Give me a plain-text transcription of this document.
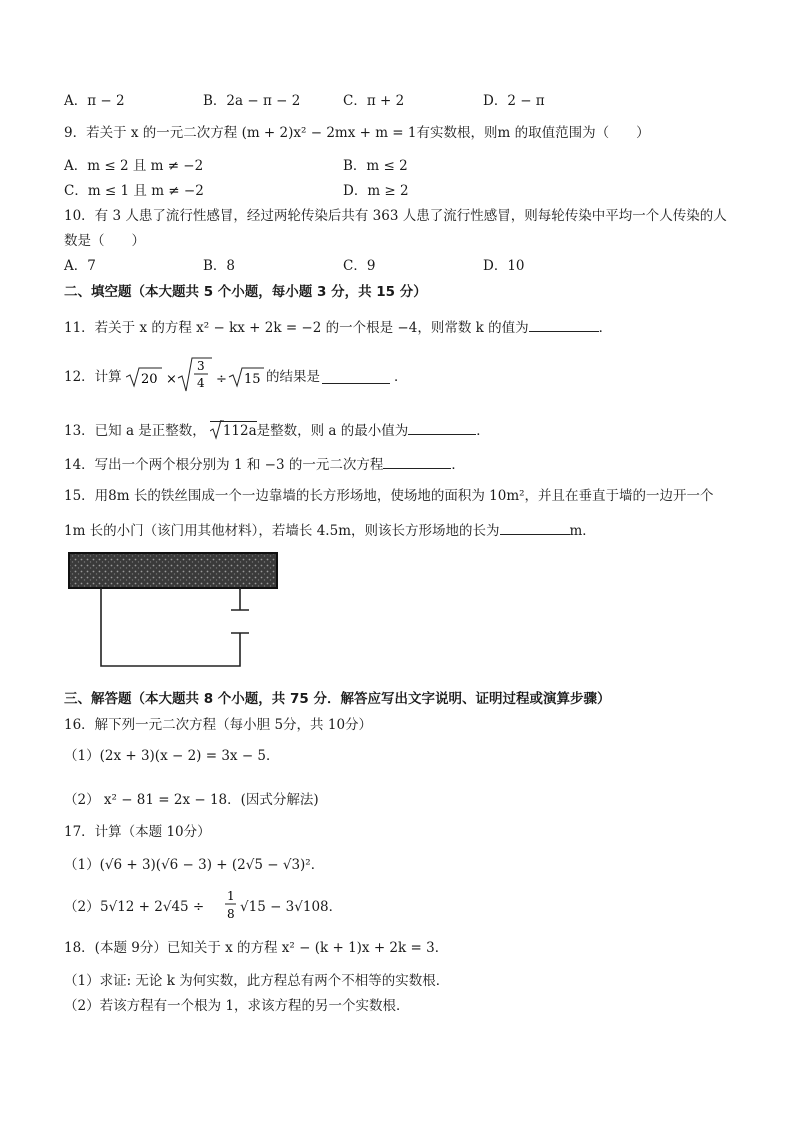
A．π − 2	B．2a − π − 2	C．π + 2	D．2 − π
9．若关于 x 的一元二次方程 (m + 2)x² − 2mx + m = 1有实数根，则m 的取值范围为（　　）
A．m ≤ 2 且 m ≠ −2	B．m ≤ 2
C．m ≤ 1 且 m ≠ −2	D．m ≥ 2
10．有 3 人患了流行性感冒，经过两轮传染后共有 363 人患了流行性感冒，则每轮传染中平均一个人传染的人
数是（　　）
A．7	B．8	C．9	D．10
二、填空题（本大题共 5 个小题，每小题 3 分，共 15 分）
11．若关于 x 的方程 x² − kx + 2k = −2 的一个根是 −4，则常数 k 的值为	．
12．计算 20 ×
3
4 ÷ 15 的结果是	．
13．已知 a 是正整数， 112a是整数，则 a 的最小值为	．
14．写出一个两个根分别为 1 和 −3 的一元二次方程	．
15．用8m 长的铁丝围成一个一边靠墙的长方形场地，使场地的面积为 10m²，并且在垂直于墙的一边开一个
1m 长的小门（该门用其他材料），若墙长 4.5m，则该长方形场地的长为	m．
三、解答题（本大题共 8 个小题，共 75 分．解答应写出文字说明、证明过程或演算步骤）
16．解下列一元二次方程（每小胆 5分，共 10分）
（1）(2x + 3)(x − 2) = 3x − 5．
（2） x² − 81 = 2x − 18．(因式分解法)
17．计算（本题 10分）
（1）(√6 + 3)(√6 − 3) + (2√5 − √3)²．
（2） 5√12 + 2√45 ÷
1
8 √15 − 3√108．
18．(本题 9分）已知关于 x 的方程 x² − (k + 1)x + 2k = 3．
（1）求证: 无论 k 为何实数，此方程总有两个不相等的实数根．
（2）若该方程有一个根为 1，求该方程的另一个实数根．
